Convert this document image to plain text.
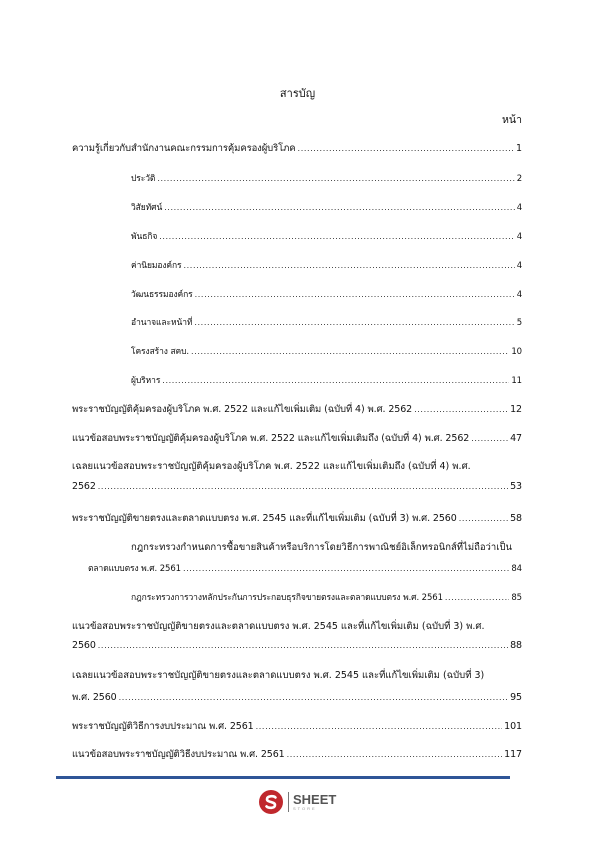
สารบัญ
หน้า
ความรู้เกี่ยวกับสำนักงานคณะกรรมการคุ้มครองผู้บริโภค .....	1
ประวัติ .....	2
วิสัยทัศน์ .....	4
พันธกิจ .....	4
ค่านิยมองค์กร .....	4
วัฒนธรรมองค์กร .....	4
อำนาจและหน้าที่ .....	5
โครงสร้าง สคบ. .....	10
ผู้บริหาร .....	11
พระราชบัญญัติคุ้มครองผู้บริโภค พ.ศ. 2522 และแก้ไขเพิ่มเติม (ฉบับที่ 4) พ.ศ. 2562 .....	12
แนวข้อสอบพระราชบัญญัติคุ้มครองผู้บริโภค พ.ศ. 2522 และแก้ไขเพิ่มเติมถึง (ฉบับที่ 4) พ.ศ. 2562 .....	47
เฉลยแนวข้อสอบพระราชบัญญัติคุ้มครองผู้บริโภค พ.ศ. 2522 และแก้ไขเพิ่มเติมถึง (ฉบับที่ 4) พ.ศ.
2562 .....	53
พระราชบัญญัติขายตรงและตลาดแบบตรง พ.ศ. 2545 และที่แก้ไขเพิ่มเติม (ฉบับที่ 3) พ.ศ. 2560 .....	58
กฎกระทรวงกำหนดการซื้อขายสินค้าหรือบริการโดยวิธีการพาณิชย์อิเล็กทรอนิกส์ที่ไม่ถือว่าเป็น
ตลาดแบบตรง พ.ศ. 2561 .....	84
กฎกระทรวงการวางหลักประกันการประกอบธุรกิจขายตรงและตลาดแบบตรง พ.ศ. 2561 .....	85
แนวข้อสอบพระราชบัญญัติขายตรงและตลาดแบบตรง พ.ศ. 2545 และที่แก้ไขเพิ่มเติม (ฉบับที่ 3) พ.ศ.
2560 .....	88
เฉลยแนวข้อสอบพระราชบัญญัติขายตรงและตลาดแบบตรง พ.ศ. 2545 และที่แก้ไขเพิ่มเติม (ฉบับที่ 3)
พ.ศ. 2560 .....	95
พระราชบัญญัติวิธีการงบประมาณ พ.ศ. 2561 .....	101
แนวข้อสอบพระราชบัญญัติวิธีงบประมาณ พ.ศ. 2561 .....	117
SHEET
STORE
